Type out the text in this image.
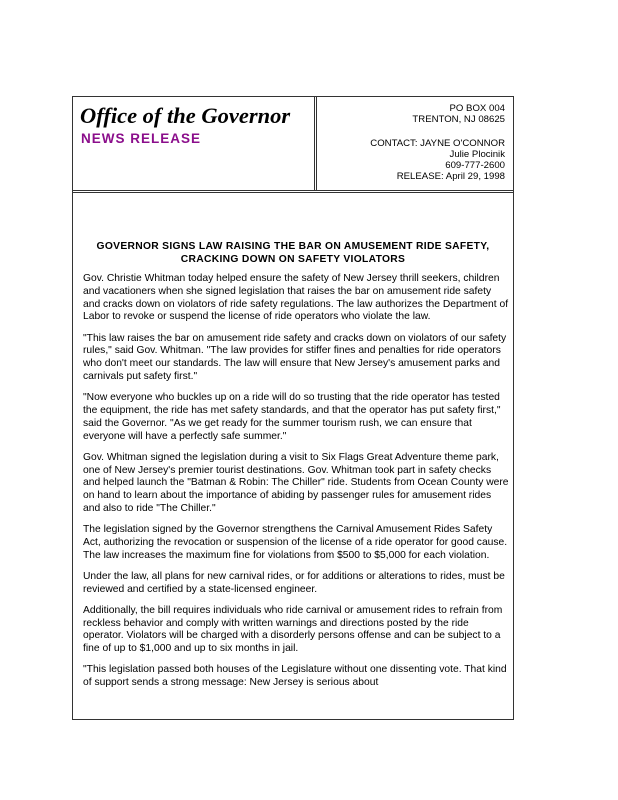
Office of the Governor
NEWS RELEASE
PO BOX 004
TRENTON, NJ 08625
CONTACT: JAYNE O'CONNOR
Julie Plocinik
609-777-2600
RELEASE: April 29, 1998
GOVERNOR SIGNS LAW RAISING THE BAR ON AMUSEMENT RIDE SAFETY,
CRACKING DOWN ON SAFETY VIOLATORS

Gov. Christie Whitman today helped ensure the safety of New Jersey thrill seekers, children and vacationers when she signed legislation that raises the bar on amusement ride safety and cracks down on violators of ride safety regulations. The law authorizes the Department of Labor to revoke or suspend the license of ride operators who violate the law.

"This law raises the bar on amusement ride safety and cracks down on violators of our safety rules," said Gov. Whitman. "The law provides for stiffer fines and penalties for ride operators who don't meet our standards. The law will ensure that New Jersey's amusement parks and carnivals put safety first."

"Now everyone who buckles up on a ride will do so trusting that the ride operator has tested the equipment, the ride has met safety standards, and that the operator has put safety first," said the Governor. "As we get ready for the summer tourism rush, we can ensure that everyone will have a perfectly safe summer."

Gov. Whitman signed the legislation during a visit to Six Flags Great Adventure theme park, one of New Jersey's premier tourist destinations. Gov. Whitman took part in safety checks and helped launch the "Batman & Robin: The Chiller" ride. Students from Ocean County were on hand to learn about the importance of abiding by passenger rules for amusement rides and also to ride "The Chiller."

The legislation signed by the Governor strengthens the Carnival Amusement Rides Safety Act, authorizing the revocation or suspension of the license of a ride operator for good cause. The law increases the maximum fine for violations from $500 to $5,000 for each violation.

Under the law, all plans for new carnival rides, or for additions or alterations to rides, must be reviewed and certified by a state-licensed engineer.

Additionally, the bill requires individuals who ride carnival or amusement rides to refrain from reckless behavior and comply with written warnings and directions posted by the ride operator. Violators will be charged with a disorderly persons offense and can be subject to a fine of up to $1,000 and up to six months in jail.

"This legislation passed both houses of the Legislature without one dissenting vote. That kind of support sends a strong message: New Jersey is serious about
